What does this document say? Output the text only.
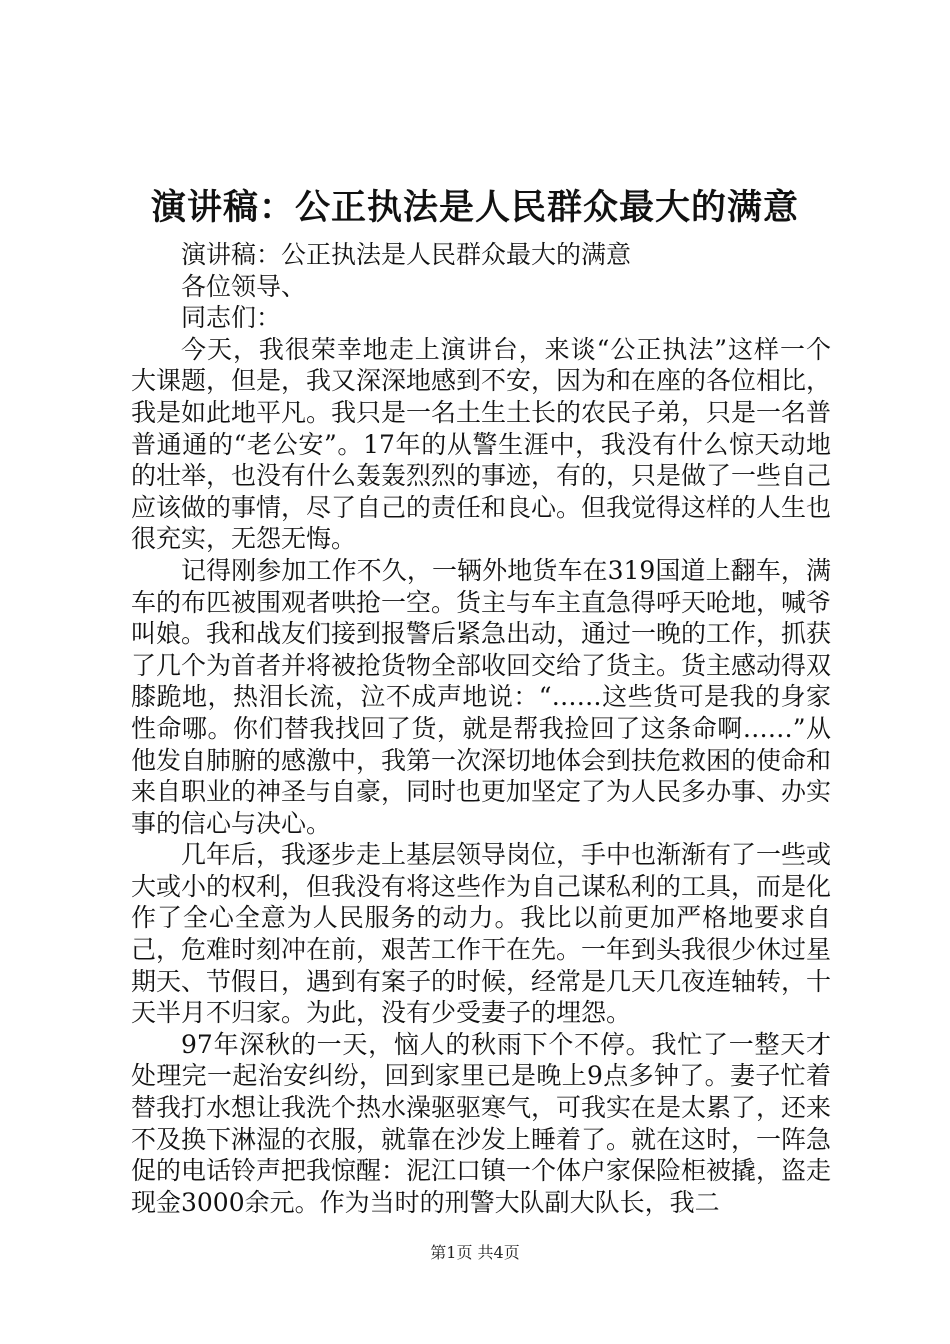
演讲稿：公正执法是人民群众最大的满意

演讲稿：公正执法是人民群众最大的满意

各位领导、

同志们：

今天，我很荣幸地走上演讲台，来谈“公正执法”这样一个大课题，但是，我又深深地感到不安，因为和在座的各位相比，我是如此地平凡。我只是一名土生土长的农民子弟，只是一名普普通通的“老公安”。17年的从警生涯中，我没有什么惊天动地的壮举，也没有什么轰轰烈烈的事迹，有的，只是做了一些自己应该做的事情，尽了自己的责任和良心。但我觉得这样的人生也很充实，无怨无悔。

记得刚参加工作不久，一辆外地货车在319国道上翻车，满车的布匹被围观者哄抢一空。货主与车主直急得呼天呛地，喊爷叫娘。我和战友们接到报警后紧急出动，通过一晚的工作，抓获了几个为首者并将被抢货物全部收回交给了货主。货主感动得双膝跪地，热泪长流，泣不成声地说：“……这些货可是我的身家性命哪。你们替我找回了货，就是帮我捡回了这条命啊……”从他发自肺腑的感激中，我第一次深切地体会到扶危救困的使命和来自职业的神圣与自豪，同时也更加坚定了为人民多办事、办实事的信心与决心。

几年后，我逐步走上基层领导岗位，手中也渐渐有了一些或大或小的权利，但我没有将这些作为自己谋私利的工具，而是化作了全心全意为人民服务的动力。我比以前更加严格地要求自己，危难时刻冲在前，艰苦工作干在先。一年到头我很少休过星期天、节假日，遇到有案子的时候，经常是几天几夜连轴转，十天半月不归家。为此，没有少受妻子的埋怨。

97年深秋的一天，恼人的秋雨下个不停。我忙了一整天才处理完一起治安纠纷，回到家里已是晚上9点多钟了。妻子忙着替我打水想让我洗个热水澡驱驱寒气，可我实在是太累了，还来不及换下淋湿的衣服，就靠在沙发上睡着了。就在这时，一阵急促的电话铃声把我惊醒：泥江口镇一个体户家保险柜被撬，盗走现金3000余元。作为当时的刑警大队副大队长，我二

第1页 共4页
